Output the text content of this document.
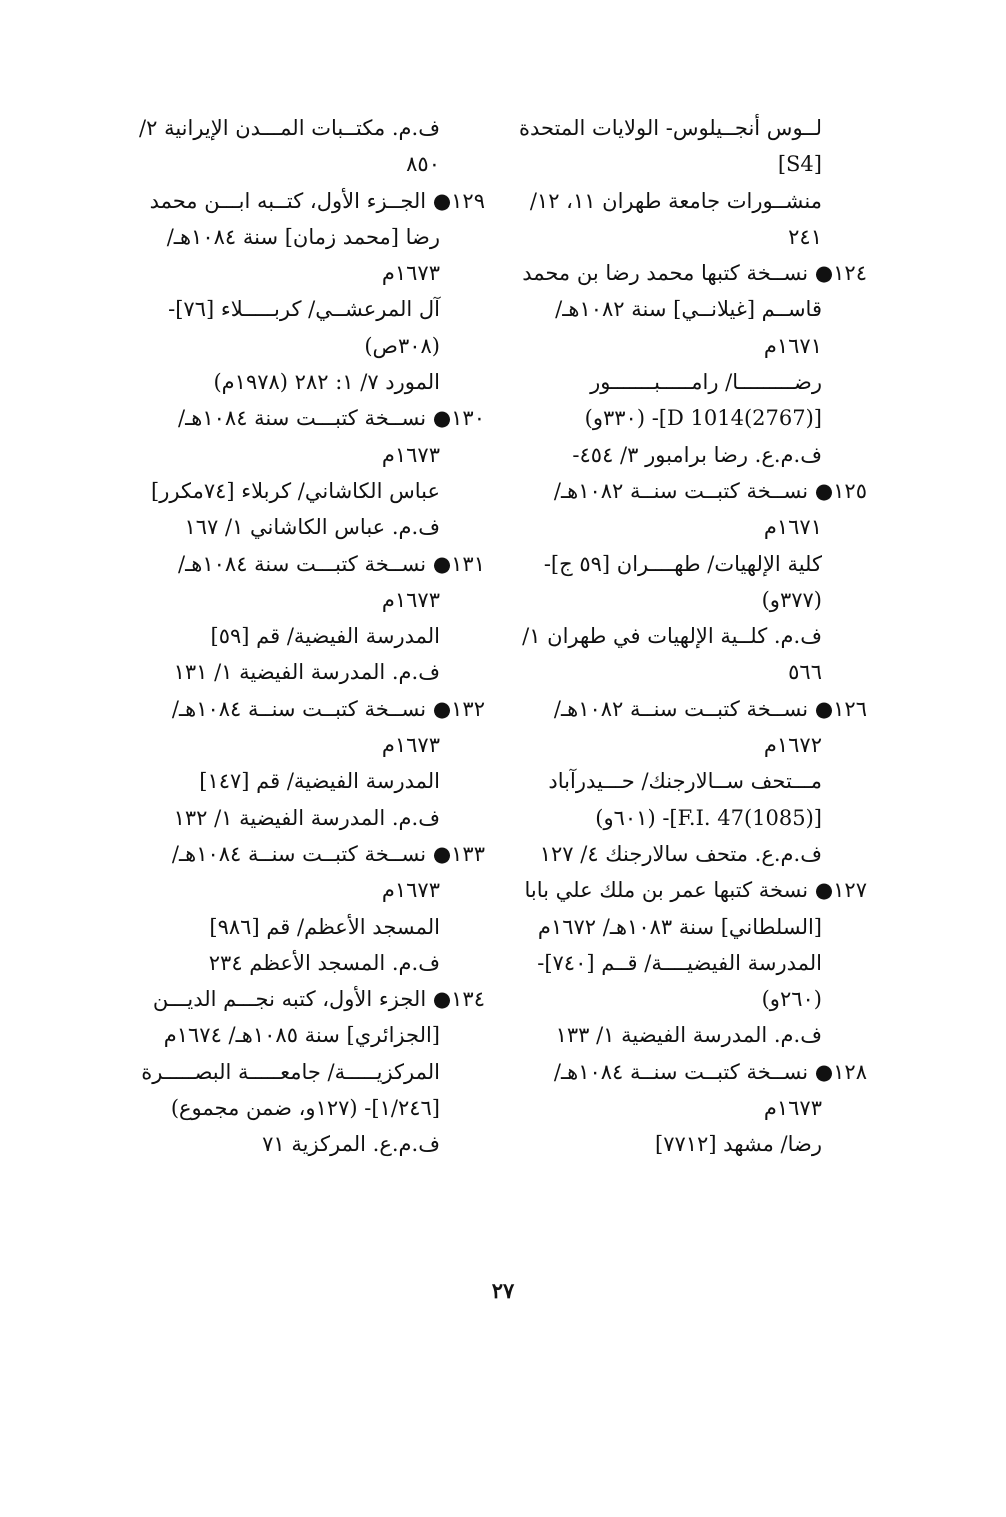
لــوس أنجــيلوس- الولايات المتحدة
[S4]
منشــورات جامعة طهران ١١، ١٢/
٢٤١
١٢٤● نســخة كتبها محمد رضا بن محمد
قاســم [غيلانــي] سنة ١٠٨٢هـ/
١٦٧١م
رضـــــــــا/ رامـــــبـــــــور
[D 1014(2767)]- (٣٣٠و)
ف.م.ع. رضا برامبور ٣/ ٤٥٤-
١٢٥● نســخة كتبــت سنــة ١٠٨٢هـ/
١٦٧١م
كلية الإلهيات/ طهــــران [٥٩ ج]-
(٣٧٧و)
ف.م. كلــية الإلهيات في طهران ١/
٥٦٦
١٢٦● نســخة كتبــت سنــة ١٠٨٢هـ/
١٦٧٢م
مـــتحف ســالارجنك/ حـــيدرآباد
[F.I. 47(1085)]- (٦٠١و)
ف.م.ع. متحف سالارجنك ٤/ ١٢٧
١٢٧● نسخة كتبها عمر بن ملك علي بابا
[السلطاني] سنة ١٠٨٣هـ/ ١٦٧٢م
المدرسة الفيضيــــة/ قــم [٧٤٠]-
(٢٦٠و)
ف.م. المدرسة الفيضية ١/ ١٣٣
١٢٨● نســخة كتبــت سنــة ١٠٨٤هـ/
١٦٧٣م
رضا/ مشهد [٧٧١٢]
ف.م. مكتــبات المـــدن الإيرانية ٢/
٨٥٠
١٢٩● الجــزء الأول، كتــبه ابـــن محمد
رضا [محمد زمان] سنة ١٠٨٤هـ/
١٦٧٣م
آل المرعشــي/ كربـــــلاء [٧٦]-
(٣٠٨ص)
المورد ٧/ ١: ٢٨٢ (١٩٧٨م)
١٣٠● نســخة كتبـــت سنة ١٠٨٤هـ/
١٦٧٣م
عباس الكاشاني/ كربلاء [٧٤مكرر]
ف.م. عباس الكاشاني ١/ ١٦٧
١٣١● نســخة كتبـــت سنة ١٠٨٤هـ/
١٦٧٣م
المدرسة الفيضية/ قم [٥٩]
ف.م. المدرسة الفيضية ١/ ١٣١
١٣٢● نســخة كتبــت سنــة ١٠٨٤هـ/
١٦٧٣م
المدرسة الفيضية/ قم [١٤٧]
ف.م. المدرسة الفيضية ١/ ١٣٢
١٣٣● نســخة كتبــت سنــة ١٠٨٤هـ/
١٦٧٣م
المسجد الأعظم/ قم [٩٨٦]
ف.م. المسجد الأعظم ٢٣٤
١٣٤● الجزء الأول، كتبه نجـــم الديـــن
[الجزائري] سنة ١٠٨٥هـ/ ١٦٧٤م
المركزيـــــة/ جامعـــــة البصـــــرة
[١/٢٤٦]- (١٢٧و، ضمن مجموع)
ف.م.ع. المركزية ٧١
٢٧
